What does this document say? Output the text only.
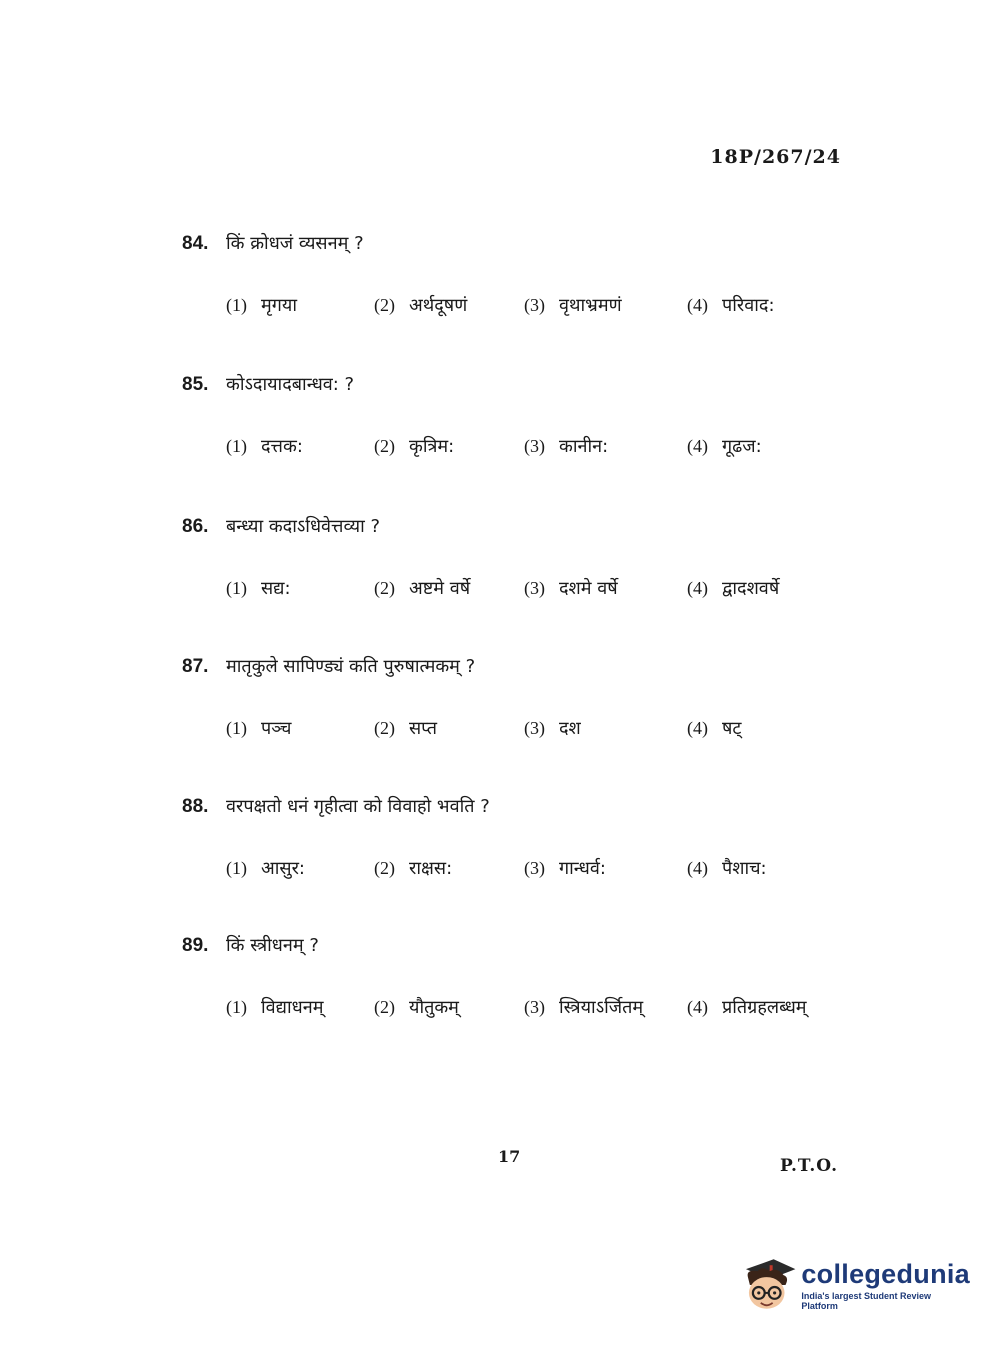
18P/267/24
84. किं क्रोधजं व्यसनम् ?
(1) मृगया	(2) अर्थदूषणं	(3) वृथाभ्रमणं	(4) परिवाद:
85. कोऽदायादबान्धव: ?
(1) दत्तक:	(2) कृत्रिम:	(3) कानीन:	(4) गूढज:
86. बन्ध्या कदाऽधिवेत्तव्या ?
(1) सद्य:	(2) अष्टमे वर्षे	(3) दशमे वर्षे	(4) द्वादशवर्षे
87. मातृकुले सापिण्ड्यं कति पुरुषात्मकम् ?
(1) पञ्च	(2) सप्त	(3) दश	(4) षट्
88. वरपक्षतो धनं गृहीत्वा को विवाहो भवति ?
(1) आसुर:	(2) राक्षस:	(3) गान्धर्व:	(4) पैशाच:
89. किं स्त्रीधनम् ?
(1) विद्याधनम्	(2) यौतुकम्	(3) स्त्रियाऽर्जितम् (4) प्रतिग्रहलब्धम्
17	P.T.O.
collegedunia
India's largest Student Review Platform
